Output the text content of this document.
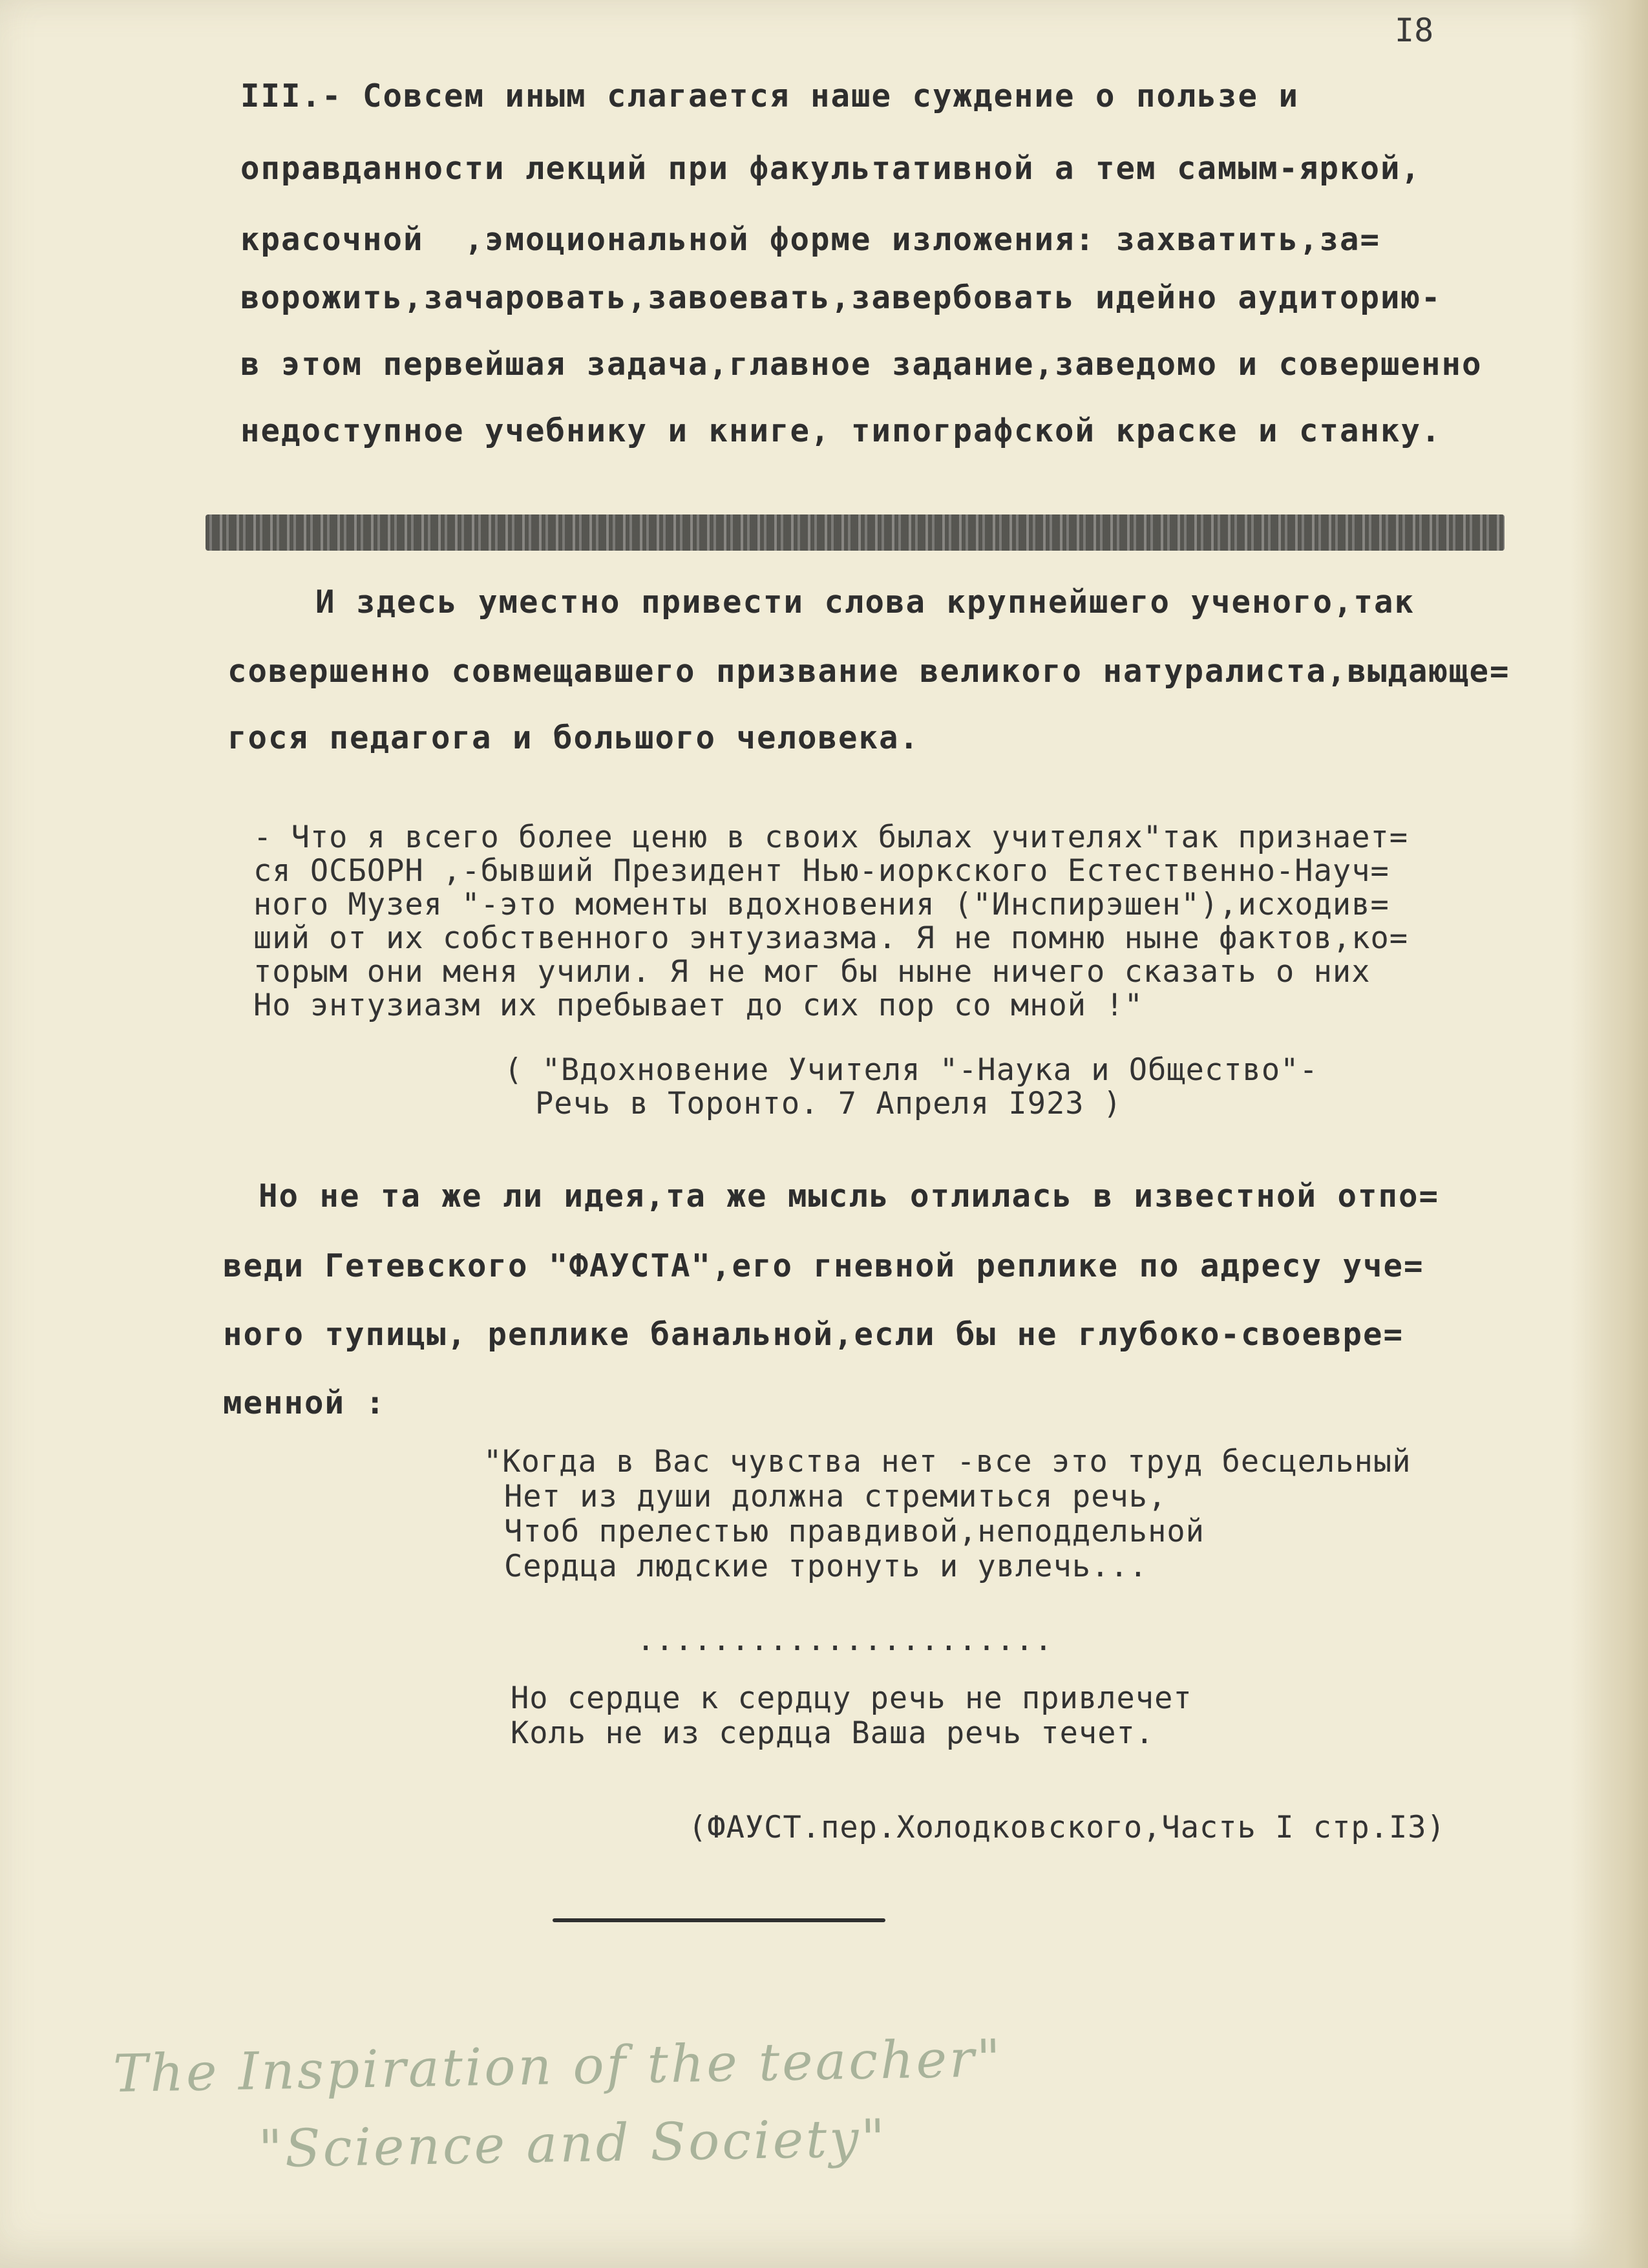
I8
III.- Совсем иным слагается наше суждение о пользе и
оправданности лекций при факультативной а тем самым-яркой,
красочной  ,эмоциональной форме изложения: захватить,за=
ворожить,зачаровать,завоевать,завербовать идейно аудиторию-
в этом первейшая задача,главное задание,заведомо и совершенно
недоступное учебнику и книге, типографской краске и станку.
И здесь уместно привести слова крупнейшего ученого,так
совершенно совмещавшего призвание великого натуралиста,выдающе=
гося педагога и большого человека.
- Что я всего более ценю в своих былах учителях"так признает=
ся ОСБОРН ,-бывший Президент Нью-иоркского Естественно-Науч=
ного Музея "-это моменты вдохновения ("Инспирэшен"),исходив=
ший от их собственного энтузиазма. Я не помню ныне фактов,ко=
торым они меня учили. Я не мог бы ныне ничего сказать о них
Но энтузиазм их пребывает до сих пор со мной !"
( "Вдохновение Учителя "-Наука и Общество"-
Речь в Торонто. 7 Апреля I923 )
Но не та же ли идея,та же мысль отлилась в известной отпо=
веди Гетевского "ФАУСТА",его гневной реплике по адресу уче=
ного тупицы, реплике банальной,если бы не глубоко-своевре=
менной :
"Когда в Вас чувства нет -все это труд бесцельный
Нет из души должна стремиться речь,
Чтоб прелестью правдивой,неподдельной
Сердца людские тронуть и увлечь...
......................
Но сердце к сердцу речь не привлечет
Коль не из сердца Ваша речь течет.
(ФАУСТ.пер.Холодковского,Часть I стр.I3)
The Inspiration of the teacher"
"Science and Society"
